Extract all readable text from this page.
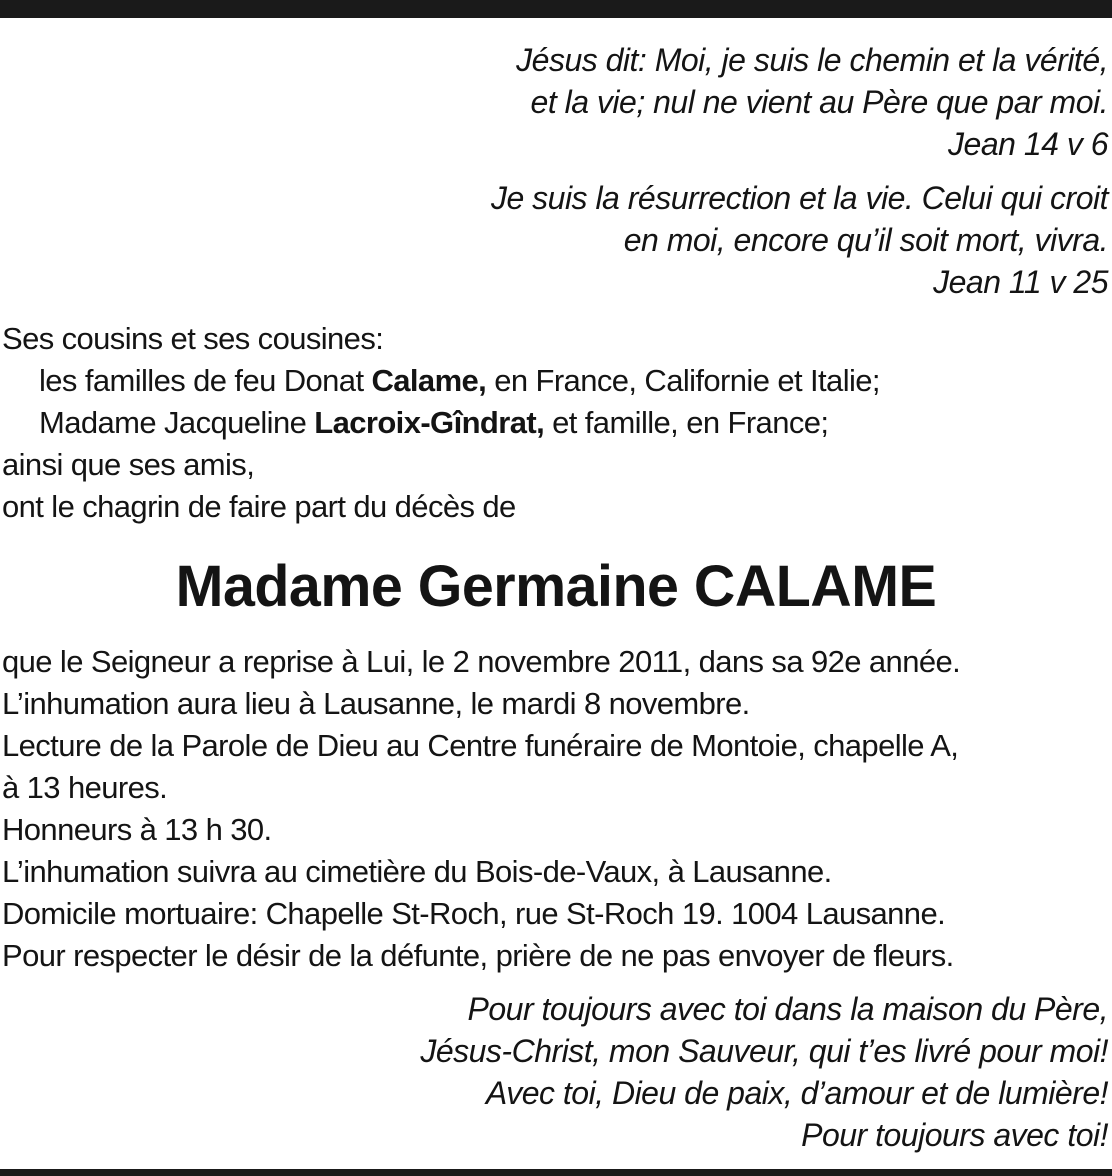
Jésus dit: Moi, je suis le chemin et la vérité,
et la vie; nul ne vient au Père que par moi.
Jean 14 v 6
Je suis la résurrection et la vie. Celui qui croit
en moi, encore qu’il soit mort, vivra.
Jean 11 v 25
Ses cousins et ses cousines:
les familles de feu Donat Calame, en France, Californie et Italie;
Madame Jacqueline Lacroix-Gîndrat, et famille, en France;
ainsi que ses amis,
ont le chagrin de faire part du décès de
Madame Germaine CALAME
que le Seigneur a reprise à Lui, le 2 novembre 2011, dans sa 92e année.
L’inhumation aura lieu à Lausanne, le mardi 8 novembre.
Lecture de la Parole de Dieu au Centre funéraire de Montoie, chapelle A,
à 13 heures.
Honneurs à 13 h 30.
L’inhumation suivra au cimetière du Bois-de-Vaux, à Lausanne.
Domicile mortuaire: Chapelle St-Roch, rue St-Roch 19. 1004 Lausanne.
Pour respecter le désir de la défunte, prière de ne pas envoyer de fleurs.
Pour toujours avec toi dans la maison du Père,
Jésus-Christ, mon Sauveur, qui t’es livré pour moi!
Avec toi, Dieu de paix, d’amour et de lumière!
Pour toujours avec toi!
